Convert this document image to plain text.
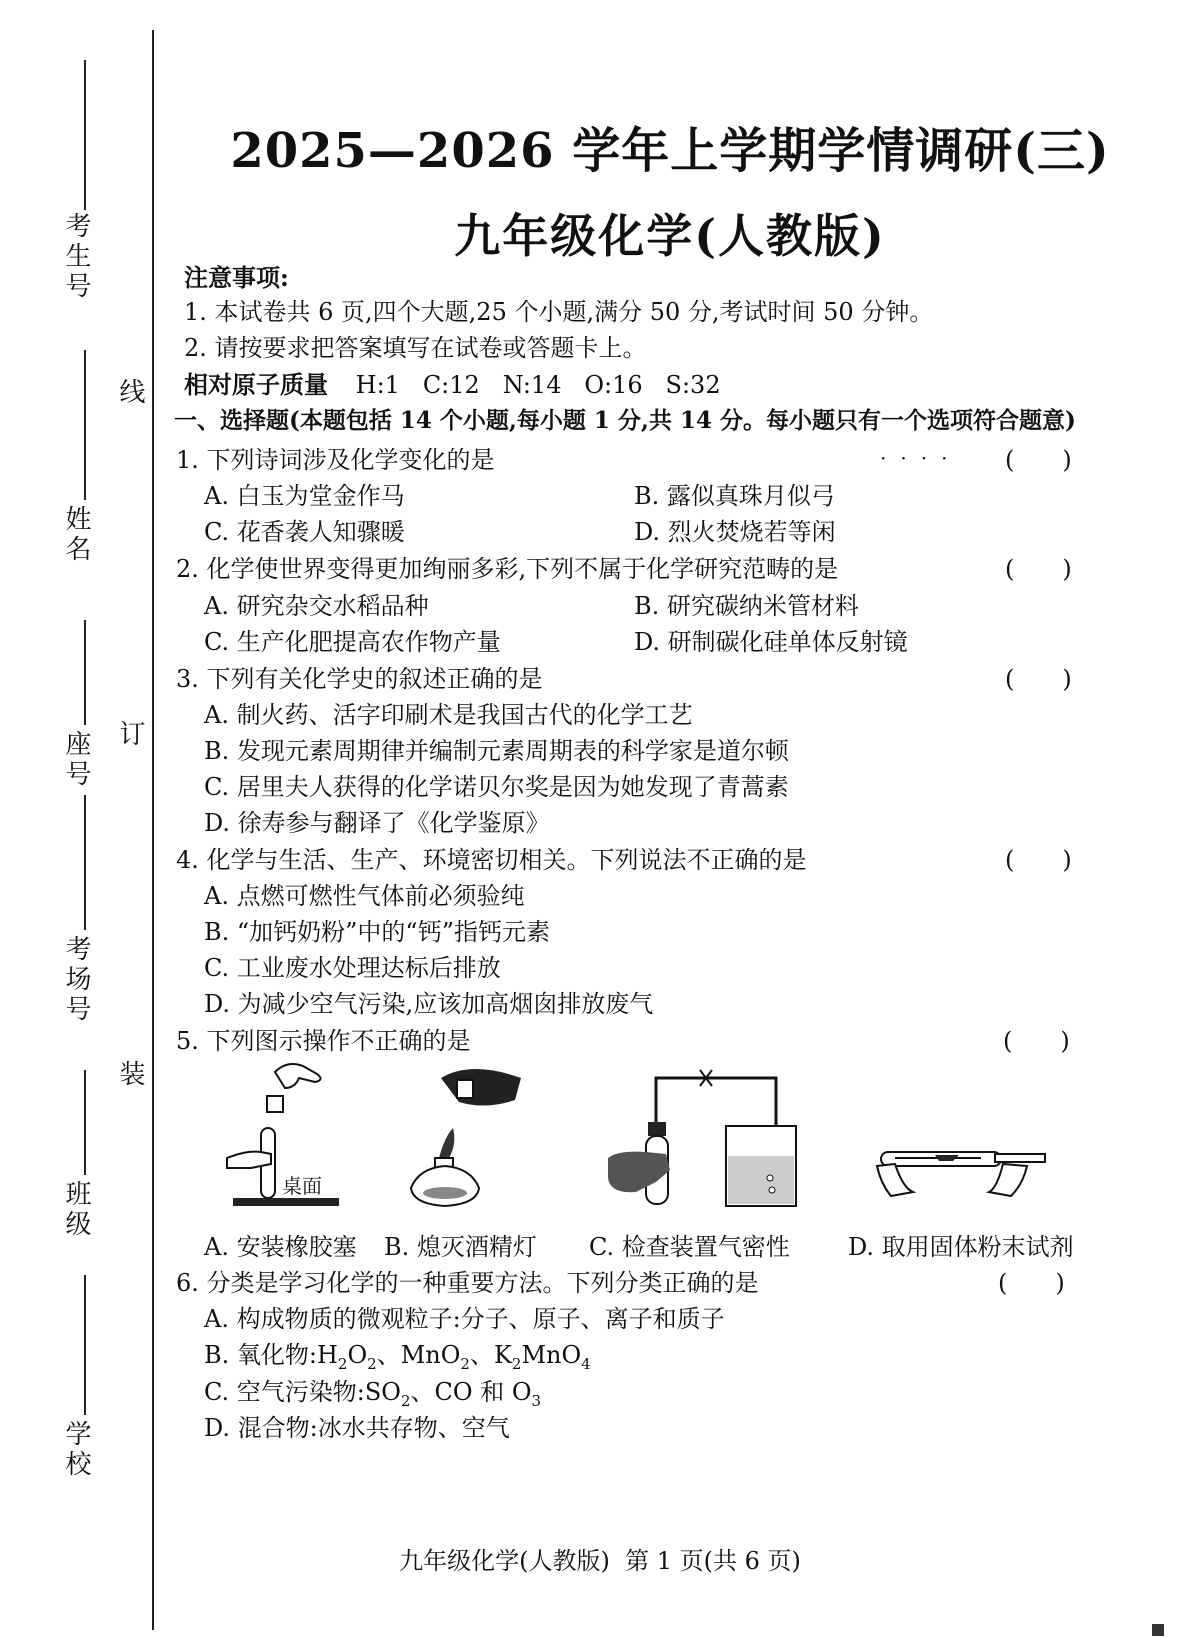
考生号
姓名
座号
考场号
班级
学校
线
订
装
2025—2026 学年上学期学情调研(三)
九年级化学(人教版)
注意事项:
1. 本试卷共 6 页,四个大题,25 个小题,满分 50 分,考试时间 50 分钟。
2. 请按要求把答案填写在试卷或答题卡上。
相对原子质量 H:1   C:12   N:14   O:16   S:32
一、选择题(本题包括 14 个小题,每小题 1 分,共 14 分。每小题只有一个选项符合题意)
····
1. 下列诗词涉及化学变化的是	(　　)
A. 白玉为堂金作马	B. 露似真珠月似弓
C. 花香袭人知骤暖	D. 烈火焚烧若等闲
2. 化学使世界变得更加绚丽多彩,下列不属于化学研究范畴的是	(　　)
A. 研究杂交水稻品种	B. 研究碳纳米管材料
C. 生产化肥提高农作物产量	D. 研制碳化硅单体反射镜
3. 下列有关化学史的叙述正确的是	(　　)
A. 制火药、活字印刷术是我国古代的化学工艺
B. 发现元素周期律并编制元素周期表的科学家是道尔顿
C. 居里夫人获得的化学诺贝尔奖是因为她发现了青蒿素
D. 徐寿参与翻译了《化学鉴原》
4. 化学与生活、生产、环境密切相关。下列说法不正确的是	(　　)
A. 点燃可燃性气体前必须验纯
B. “加钙奶粉”中的“钙”指钙元素
C. 工业废水处理达标后排放
D. 为减少空气污染,应该加高烟囱排放废气
5. 下列图示操作不正确的是	(　　)
桌面
A. 安装橡胶塞 B. 熄灭酒精灯 C. 检查装置气密性 D. 取用固体粉末试剂
6. 分类是学习化学的一种重要方法。下列分类正确的是	(　　)
A. 构成物质的微观粒子:分子、原子、离子和质子
B. 氧化物$:H_2O_2$、MnO$_2$、$K_2MnO_4$
C. 空气污染物$:SO_2$、CO 和 $O_3$
D. 混合物:冰水共存物、空气
九年级化学(人教版)  第 1 页(共 6 页)
